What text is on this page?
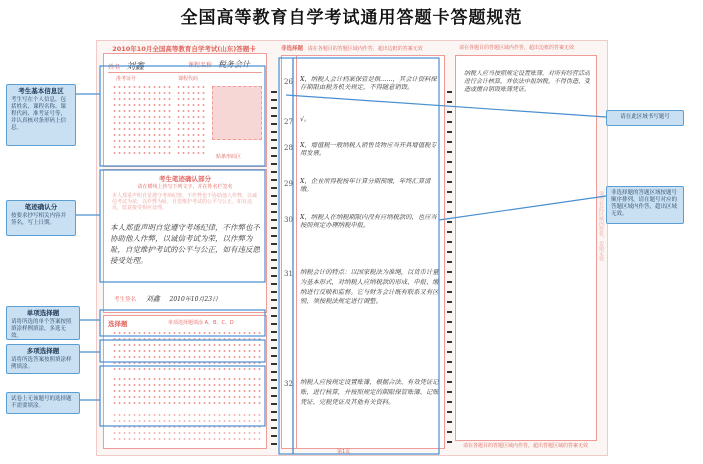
全国高等教育自学考试通用答题卡答题规范
2010年10月全国高等教育自学考试(山东)答题卡
姓名 刘鑫	课程名称 税务会计
准考证号	课程代码
贴条形码区
考生笔迹确认部分
请在横线上抄写下列文字，并在姓名栏签名
本人郑重声明自觉遵守考场纪律，不作弊也不协助他人作弊，以诚信考试为荣，以作弊为耻，自觉维护考试的公平与公正，如有违反，愿意接受相应处理。
本人郑重声明自觉遵守考场纪律，不作弊也不协助他人作弊，以诚信考试为荣，以作弊为耻，自觉维护考试的公平与公正，如有违反愿接受处理。
考生签名 刘鑫 2010年10月23日
选择题	单项选择题填涂 A、B、C、D
非选择题 请在各题目的答题区域内作答，超出边框的答案无效
26 X，纳税人会计档案保管是指……，其会计资料保存期限由税务机关规定，不得随意销毁。
27 √。
28 X，增值税一般纳税人销售货物应当开具增值税专用发票。
29 X，企业所得税按年计算分期预缴，年终汇算清缴。
30 X，纳税人在纳税期限内没有应纳税款的，也应当按照规定办理纳税申报。
31 纳税会计的特点：以国家税法为准绳，以货币计量为基本形式，对纳税人应纳税款的形成、申报、缴纳进行反映和监督。它与财务会计既有联系又有区别，须按税法规定进行调整。
32 纳税人应按规定设置账簿，根据合法、有效凭证记账，进行核算，并按照规定的期限保管账簿、记账凭证、完税凭证及其他有关资料。
请在各题目的答题区域内作答，超出边框的答案无效
纳税人应当按照规定设置账簿，对所有经营活动进行会计核算，并依法申报纳税，不得伪造、变造或擅自销毁账簿凭证。
请勿在此区域内作答，否则无效
请在各题目的答题区域内作答，超出答题区域的答案无效
第1页
考生基本信息区
考生写在个人信息，包括姓名、课程名称、课程代码、准考证号等，并认真核对条形码上信息。
笔迹确认分
按要求抄写相关内容并签名，写上日期。
单项选择题
请将所选的单个答案按照填涂样例填涂，多选无效。
多项选择题
请将所选答案按照填涂样例填涂。
试卷上无该题号的选择题不需要填涂。
请在此区域书写题号
非选择题的答题区域按题号顺序排列，请在题号对应的答题区域内作答，超出区域无效。
